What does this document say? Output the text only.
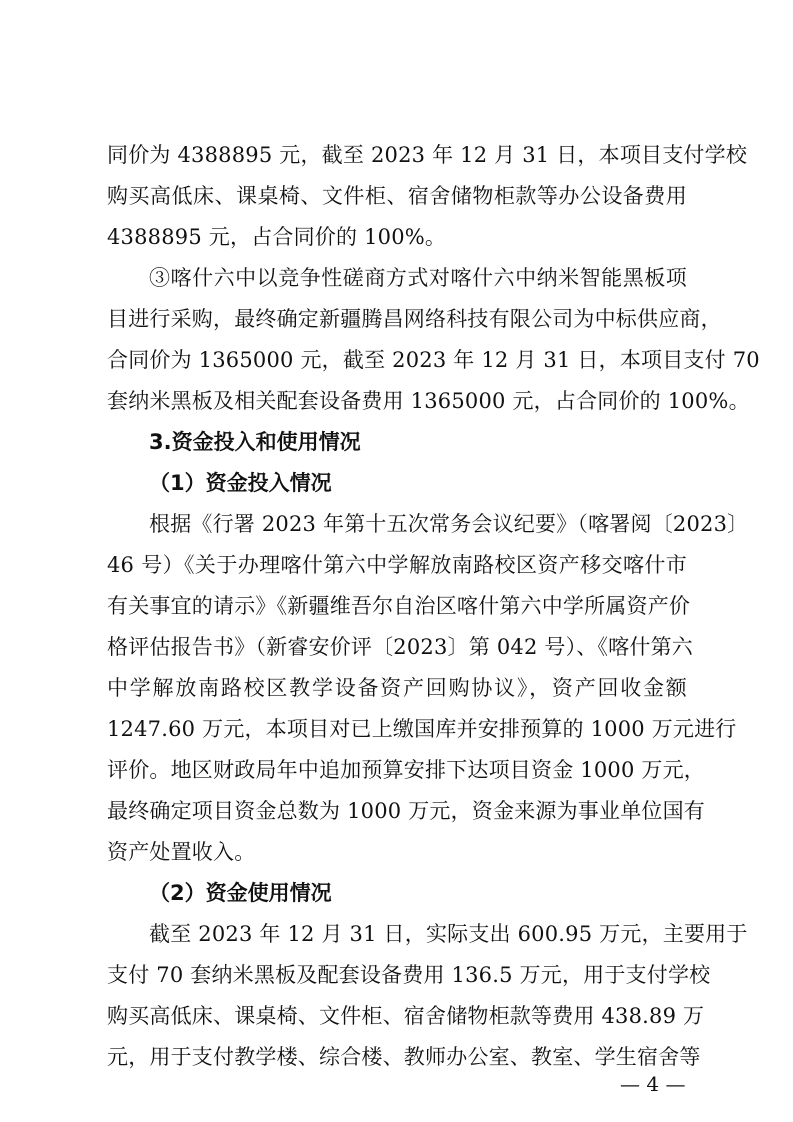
同价为 4388895 元，截至 2023 年 12 月 31 日，本项目支付学校
购买高低床、课桌椅、文件柜、宿舍储物柜款等办公设备费用
4388895 元，占合同价的 100%。
③喀什六中以竞争性磋商方式对喀什六中纳米智能黑板项
目进行采购，最终确定新疆腾昌网络科技有限公司为中标供应商，
合同价为 1365000 元，截至 2023 年 12 月 31 日，本项目支付 70
套纳米黑板及相关配套设备费用 1365000 元，占合同价的 100%。
3.资金投入和使用情况
（1）资金投入情况
根据《行署 2023 年第十五次常务会议纪要》（喀署阅〔2023〕
46 号）《关于办理喀什第六中学解放南路校区资产移交喀什市
有关事宜的请示》《新疆维吾尔自治区喀什第六中学所属资产价
格评估报告书》（新睿安价评〔2023〕第 042 号）、《喀什第六
中学解放南路校区教学设备资产回购协议》，资产回收金额
1247.60 万元，本项目对已上缴国库并安排预算的 1000 万元进行
评价。地区财政局年中追加预算安排下达项目资金 1000 万元，
最终确定项目资金总数为 1000 万元，资金来源为事业单位国有
资产处置收入。
（2）资金使用情况
截至 2023 年 12 月 31 日，实际支出 600.95 万元，主要用于
支付 70 套纳米黑板及配套设备费用 136.5 万元，用于支付学校
购买高低床、课桌椅、文件柜、宿舍储物柜款等费用 438.89 万
元，用于支付教学楼、综合楼、教师办公室、教室、学生宿舍等
— 4 —
